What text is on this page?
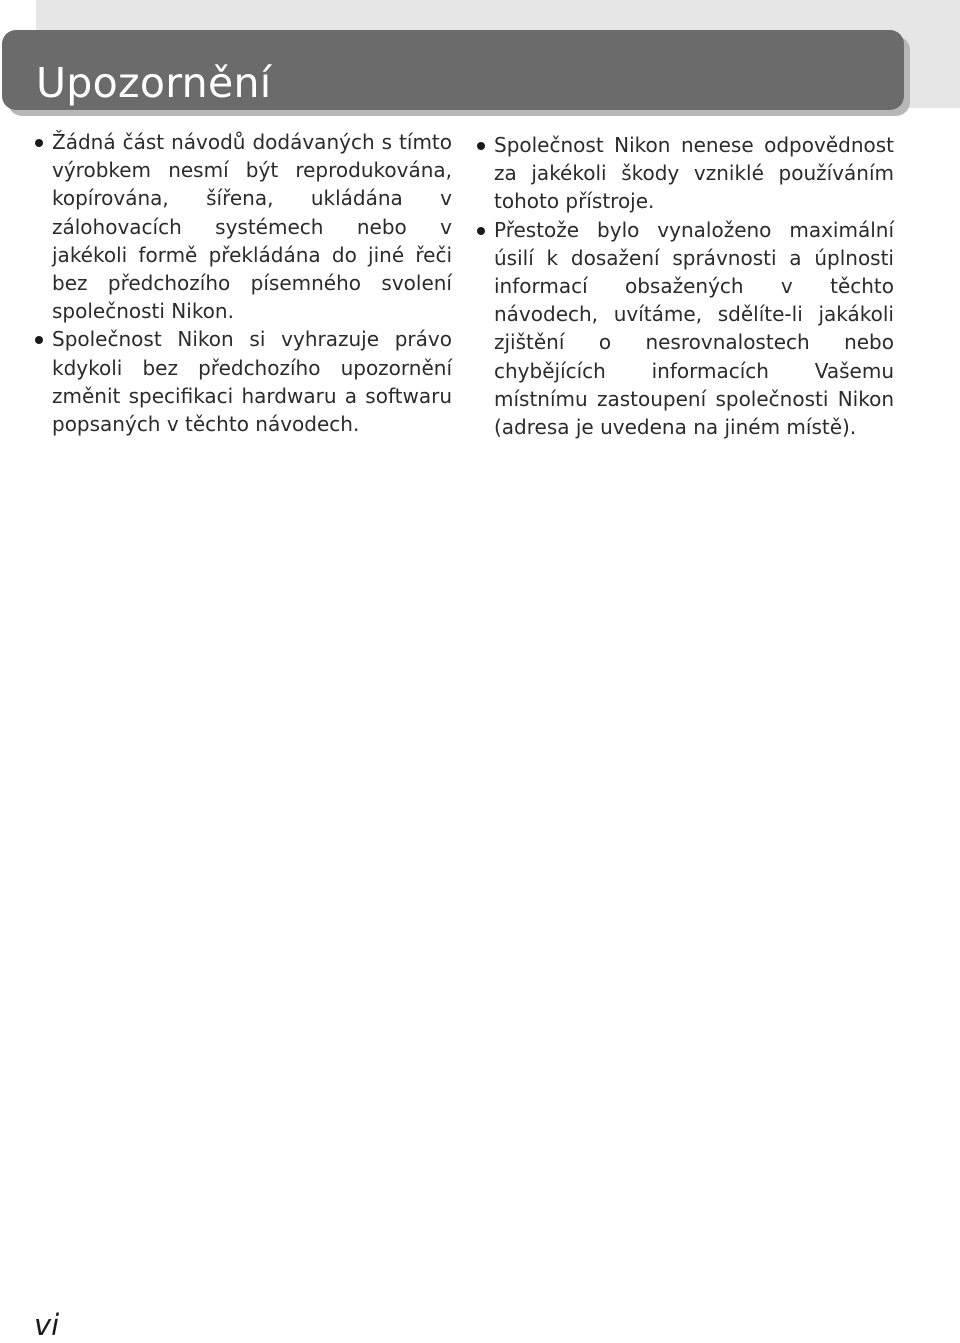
Upozornění
Žádná část návodů dodávaných s tímto výrobkem nesmí být reprodukována, kopírována, šířena, ukládána v zálohovacích systémech nebo v jakékoli formě překládána do jiné řeči bez předchozího písemného svolení společnosti Nikon.
Společnost Nikon si vyhrazuje právo kdykoli bez předchozího upozornění změnit specifikaci hardwaru a softwaru popsaných v těchto návodech.
Společnost Nikon nenese odpovědnost za jakékoli škody vzniklé používáním tohoto přístroje.
Přestože bylo vynaloženo maximální úsilí k dosažení správnosti a úplnosti informací obsažených v těchto návodech, uvítáme, sdělíte-li jakákoli zjištění o nesrovnalostech nebo chybějících informacích Vašemu místnímu zastoupení společnosti Nikon (adresa je uvedena na jiném místě).
vi
